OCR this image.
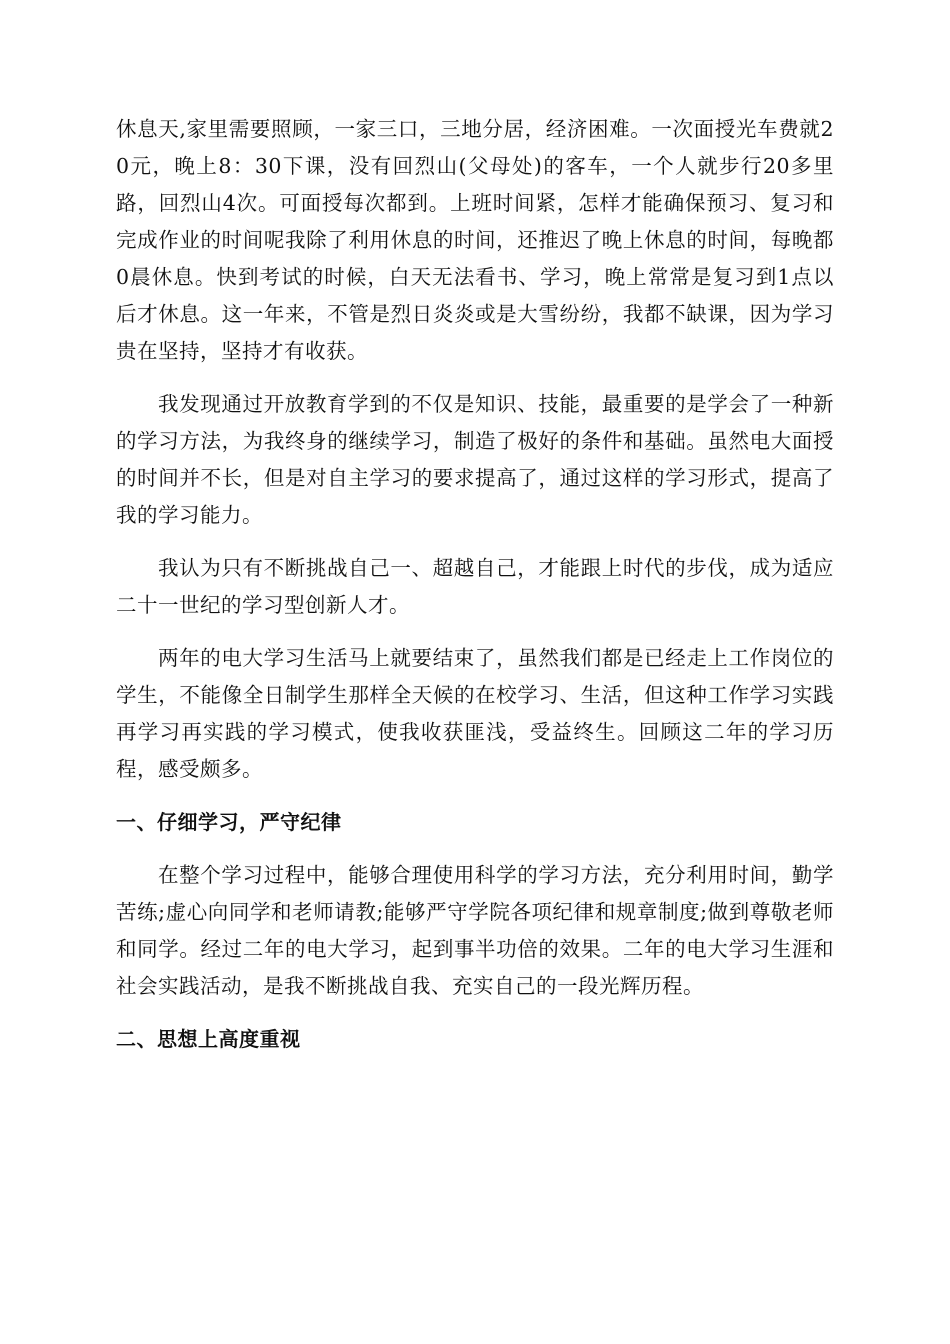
休息天,家里需要照顾，一家三口，三地分居，经济困难。一次面授光车费就20元，晚上8：30下课，没有回烈山(父母处)的客车，一个人就步行20多里路，回烈山4次。可面授每次都到。上班时间紧，怎样才能确保预习、复习和完成作业的时间呢我除了利用休息的时间，还推迟了晚上休息的时间，每晚都0晨休息。快到考试的时候，白天无法看书、学习，晚上常常是复习到1点以后才休息。这一年来，不管是烈日炎炎或是大雪纷纷，我都不缺课，因为学习贵在坚持，坚持才有收获。

我发现通过开放教育学到的不仅是知识、技能，最重要的是学会了一种新的学习方法，为我终身的继续学习，制造了极好的条件和基础。虽然电大面授的时间并不长，但是对自主学习的要求提高了，通过这样的学习形式，提高了我的学习能力。

我认为只有不断挑战自己一、超越自己，才能跟上时代的步伐，成为适应二十一世纪的学习型创新人才。

两年的电大学习生活马上就要结束了，虽然我们都是已经走上工作岗位的学生，不能像全日制学生那样全天候的在校学习、生活，但这种工作学习实践再学习再实践的学习模式，使我收获匪浅，受益终生。回顾这二年的学习历程，感受颇多。

一、仔细学习，严守纪律

在整个学习过程中，能够合理使用科学的学习方法，充分利用时间，勤学苦练;虚心向同学和老师请教;能够严守学院各项纪律和规章制度;做到尊敬老师和同学。经过二年的电大学习，起到事半功倍的效果。二年的电大学习生涯和社会实践活动，是我不断挑战自我、充实自己的一段光辉历程。

二、思想上高度重视
